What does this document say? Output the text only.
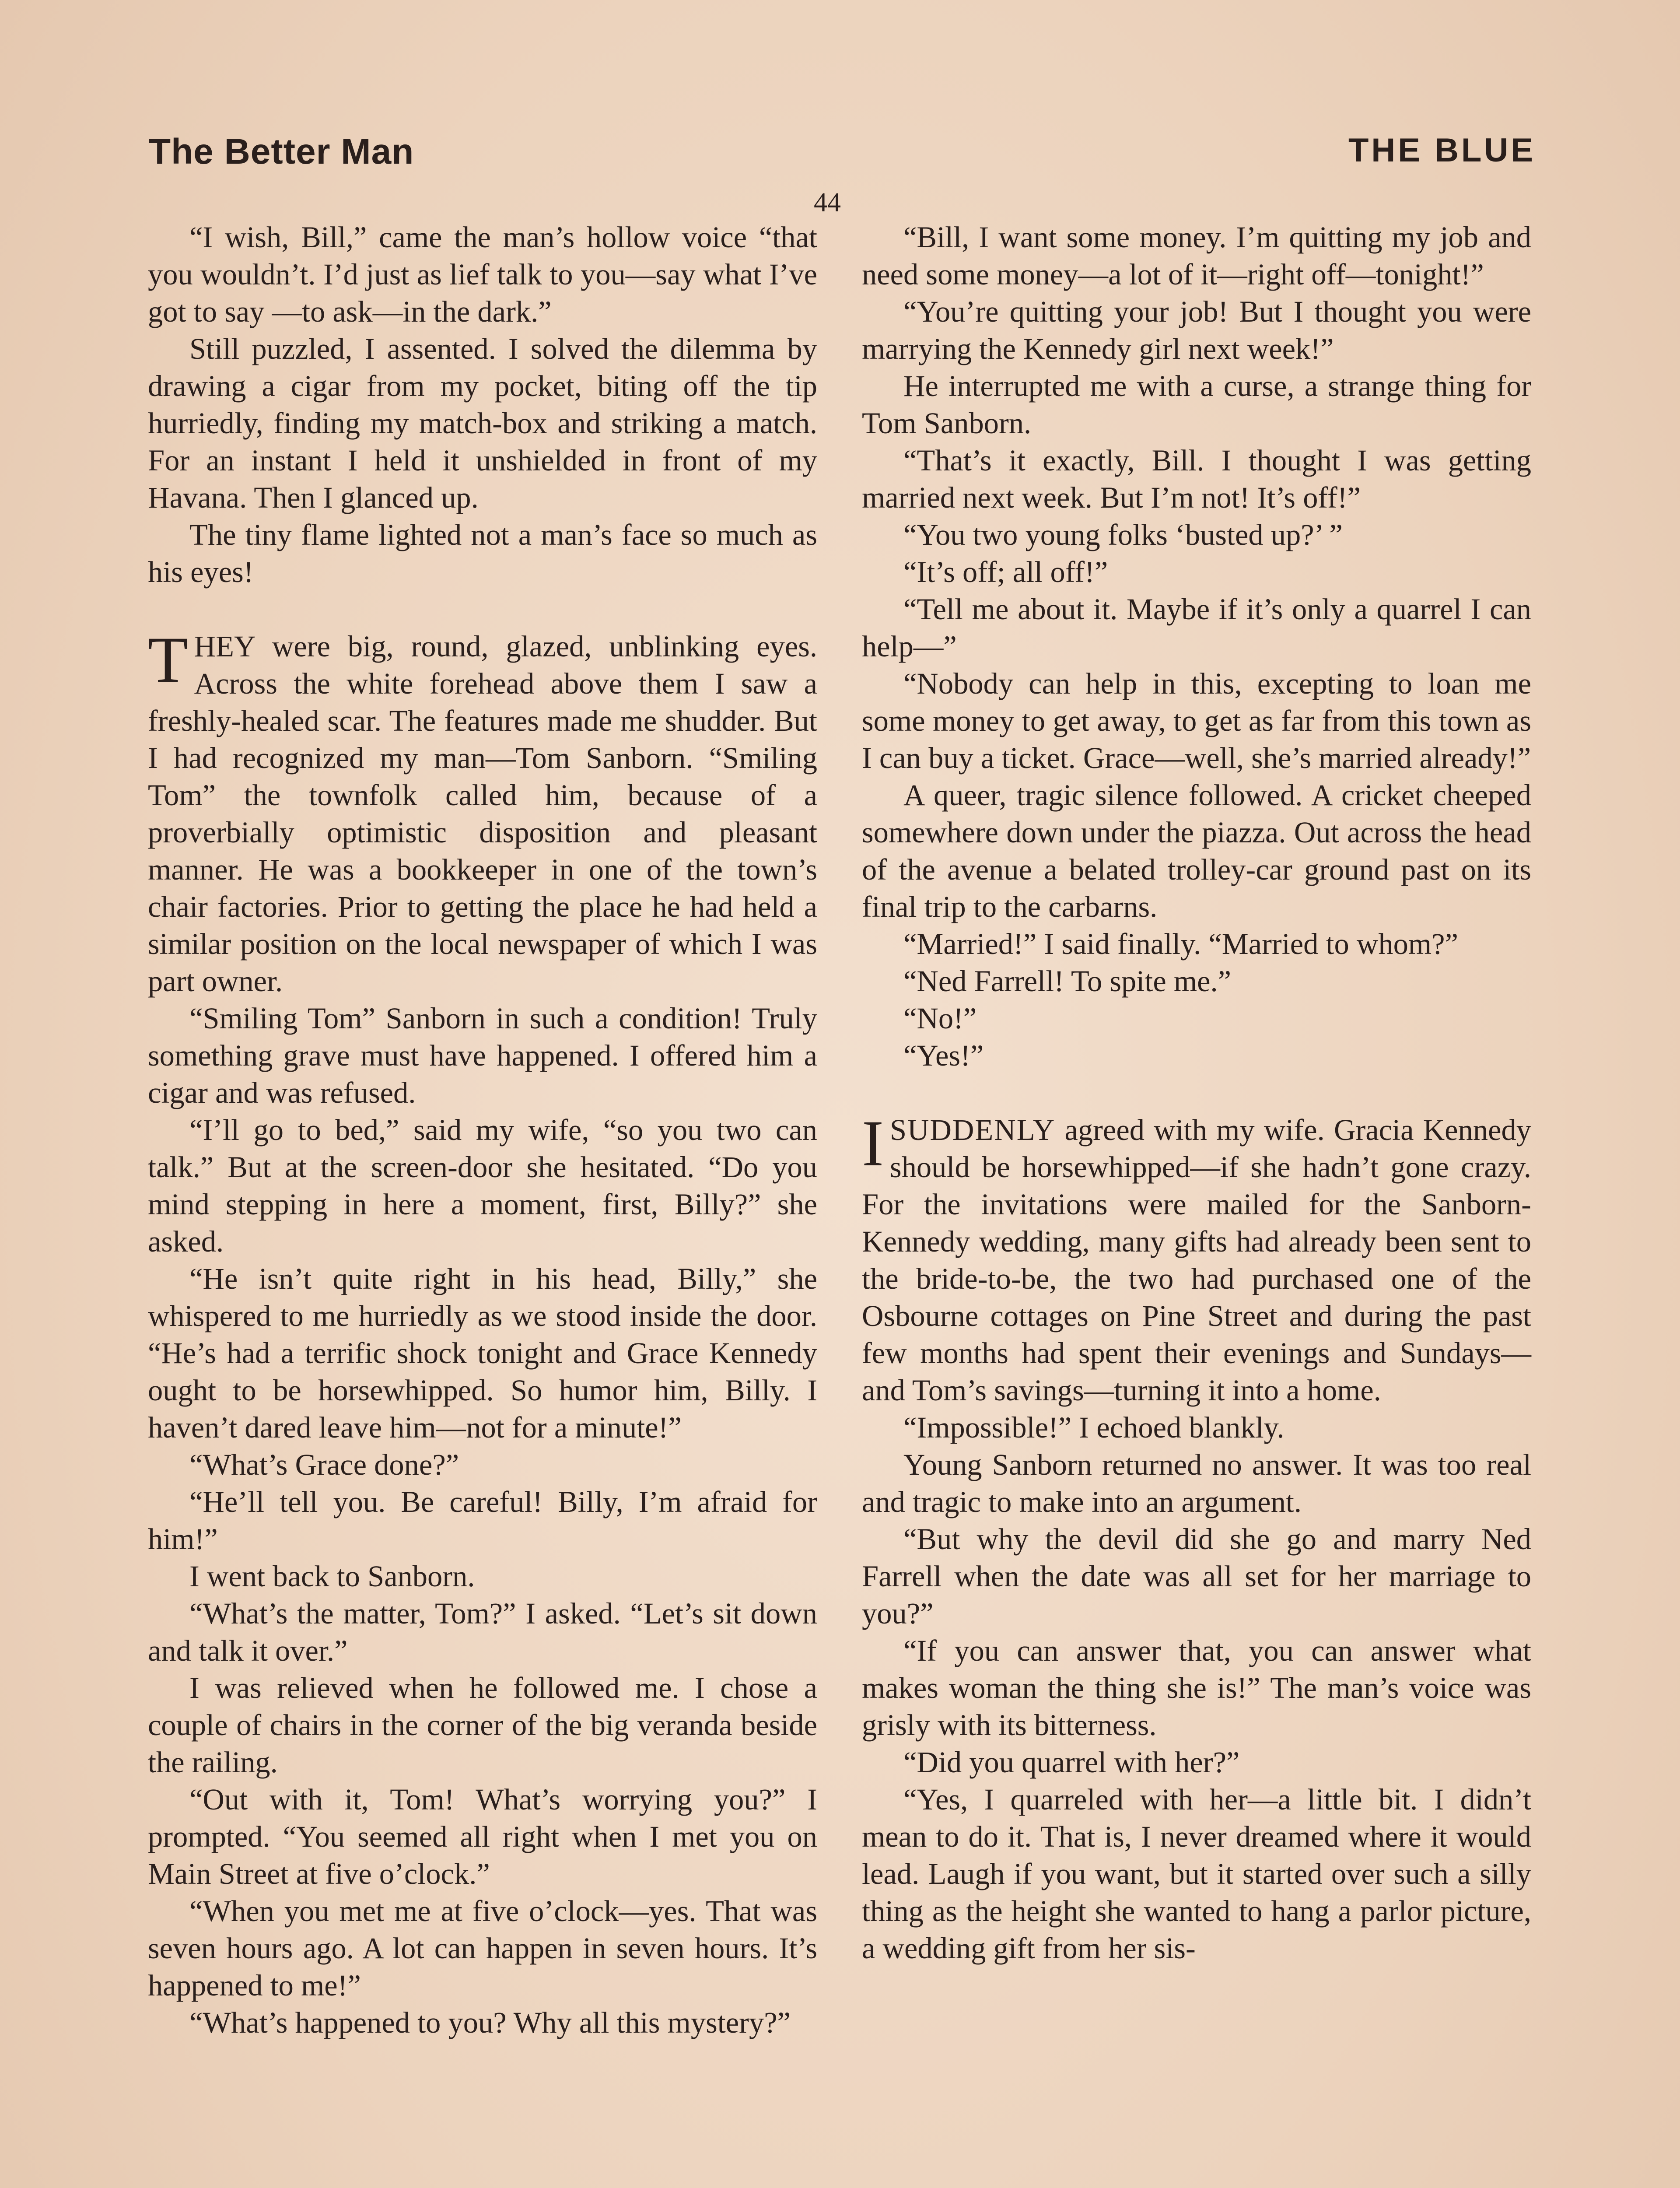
The Better Man	THE BLUE
44

“I wish, Bill,” came the man’s hollow voice “that you wouldn’t. I’d just as lief talk to you—say what I’ve got to say —to ask—in the dark.”

Still puzzled, I assented. I solved the dilemma by drawing a cigar from my pocket, biting off the tip hurriedly, finding my match-box and striking a match. For an instant I held it unshielded in front of my Havana. Then I glanced up.

The tiny flame lighted not a man’s face so much as his eyes!

THEY were big, round, glazed, unblinking eyes. Across the white forehead above them I saw a freshly-healed scar. The features made me shudder. But I had recognized my man—Tom Sanborn. “Smiling Tom” the townfolk called him, because of a proverbially optimistic disposition and pleasant manner. He was a bookkeeper in one of the town’s chair factories. Prior to getting the place he had held a similar position on the local newspaper of which I was part owner.

“Smiling Tom” Sanborn in such a condition! Truly something grave must have happened. I offered him a cigar and was refused.

“I’ll go to bed,” said my wife, “so you two can talk.” But at the screen-door she hesitated. “Do you mind stepping in here a moment, first, Billy?” she asked.

“He isn’t quite right in his head, Billy,” she whispered to me hurriedly as we stood inside the door. “He’s had a terrific shock tonight and Grace Kennedy ought to be horsewhipped. So humor him, Billy. I haven’t dared leave him—not for a minute!”

“What’s Grace done?”

“He’ll tell you. Be careful! Billy, I’m afraid for him!”

I went back to Sanborn.

“What’s the matter, Tom?” I asked. “Let’s sit down and talk it over.”

I was relieved when he followed me. I chose a couple of chairs in the corner of the big veranda beside the railing.

“Out with it, Tom! What’s worrying you?” I prompted. “You seemed all right when I met you on Main Street at five o’clock.”

“When you met me at five o’clock—yes. That was seven hours ago. A lot can happen in seven hours. It’s happened to me!”

“What’s happened to you? Why all this mystery?”

“Bill, I want some money. I’m quitting my job and need some money—a lot of it—right off—tonight!”

“You’re quitting your job! But I thought you were marrying the Kennedy girl next week!”

He interrupted me with a curse, a strange thing for Tom Sanborn.

“That’s it exactly, Bill. I thought I was getting married next week. But I’m not! It’s off!”

“You two young folks ‘busted up?’ ”

“It’s off; all off!”

“Tell me about it. Maybe if it’s only a quarrel I can help—”

“Nobody can help in this, excepting to loan me some money to get away, to get as far from this town as I can buy a ticket. Grace—well, she’s married already!”

A queer, tragic silence followed. A cricket cheeped somewhere down under the piazza. Out across the head of the avenue a belated trolley-car ground past on its final trip to the carbarns.

“Married!” I said finally. “Married to whom?”

“Ned Farrell! To spite me.”

“No!”

“Yes!”

ISUDDENLY agreed with my wife. Gracia Kennedy should be horsewhipped—if she hadn’t gone crazy. For the invitations were mailed for the Sanborn-Kennedy wedding, many gifts had already been sent to the bride-to-be, the two had purchased one of the Osbourne cottages on Pine Street and during the past few months had spent their evenings and Sundays—and Tom’s savings—turning it into a home.

“Impossible!” I echoed blankly.

Young Sanborn returned no answer. It was too real and tragic to make into an argument.

“But why the devil did she go and marry Ned Farrell when the date was all set for her marriage to you?”

“If you can answer that, you can answer what makes woman the thing she is!” The man’s voice was grisly with its bitterness.

“Did you quarrel with her?”

“Yes, I quarreled with her—a little bit. I didn’t mean to do it. That is, I never dreamed where it would lead. Laugh if you want, but it started over such a silly thing as the height she wanted to hang a parlor picture, a wedding gift from her sis-
